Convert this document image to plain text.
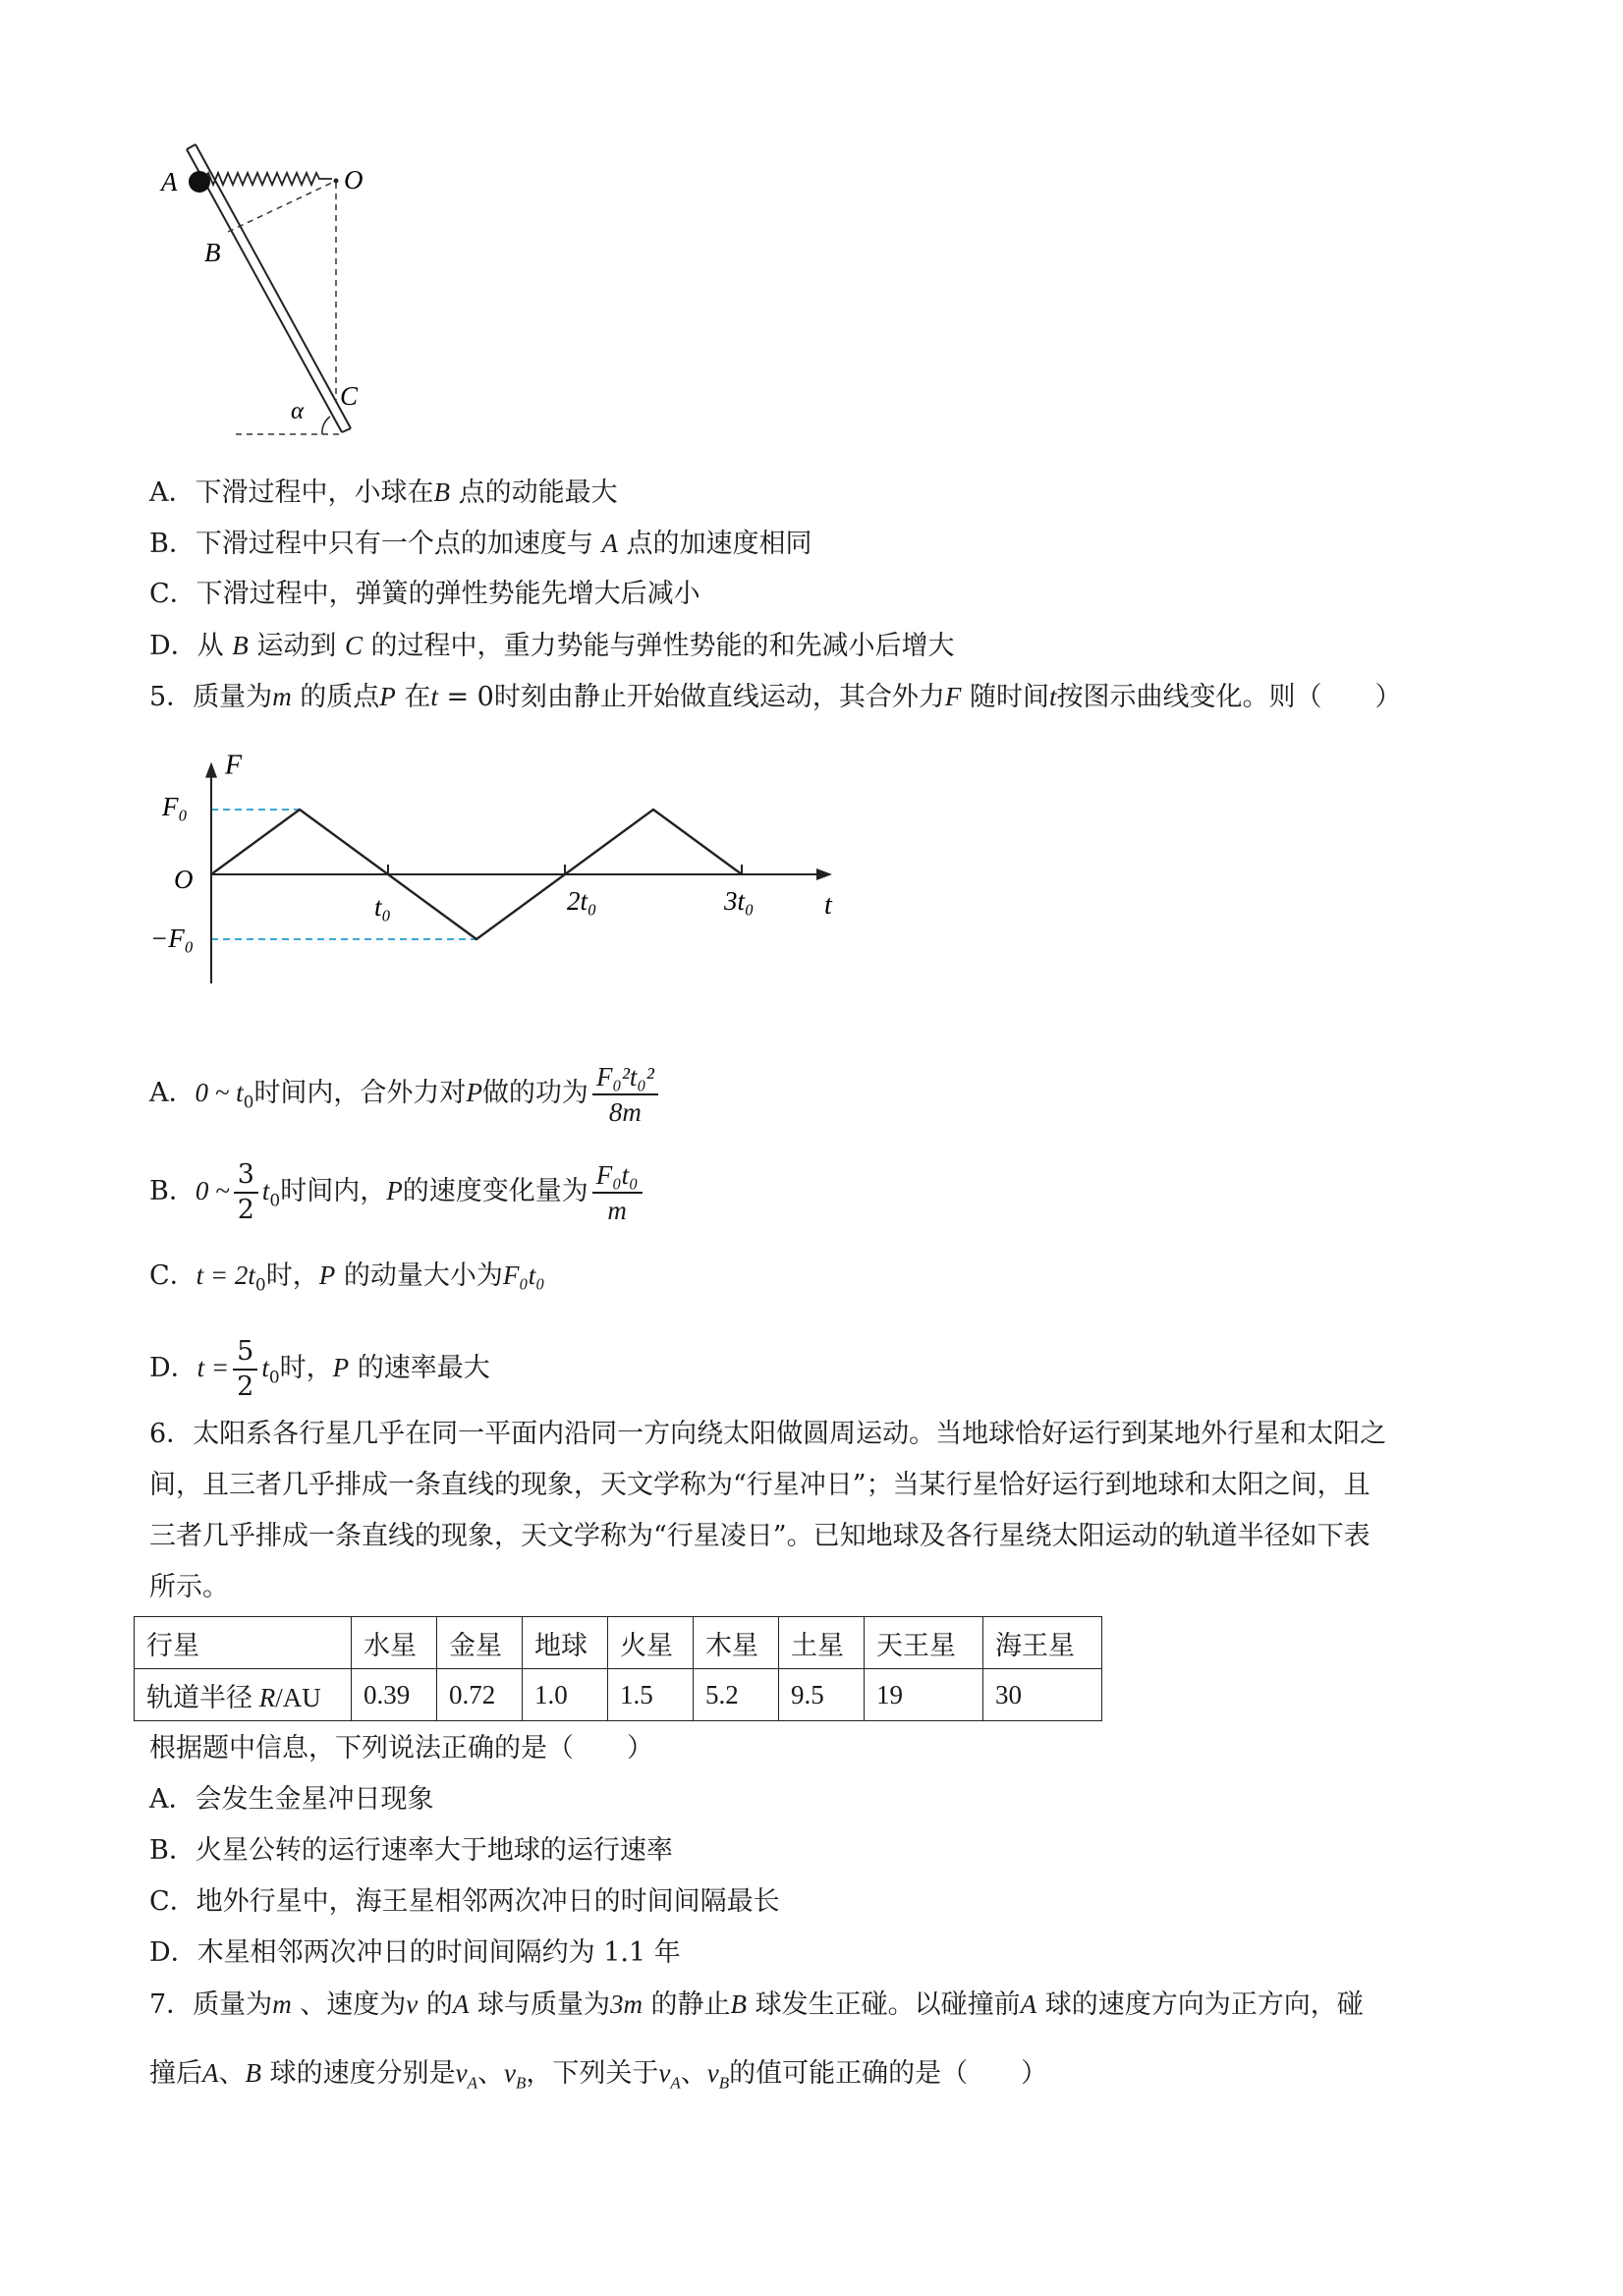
A	O
B
C
α
A．下滑过程中，小球在B 点的动能最大
B．下滑过程中只有一个点的加速度与 A 点的加速度相同
C．下滑过程中，弹簧的弹性势能先增大后减小
D．从 B 运动到 C 的过程中，重力势能与弹性势能的和先减小后增大
5．质量为m 的质点P 在t = 0时刻由静止开始做直线运动，其合外力F 随时间t按图示曲线变化。则（　　）
F
t
O
t₀	2t₀	3t₀
F₀
−F₀
A．0 ~ $t_0$时间内，合外力对P做的功为 $\frac{\text{F₀²t₀²}}{8m}$
B．0 ~ $\frac{3}{2} t_0$时间内，P的速度变化量为 $\frac{\text{F₀t₀}}{m}$
C．$t = 2t_0$时，P 的动量大小为F₀t₀
D．$t = \frac{5}{2} t_0$时，P 的速率最大
6．太阳系各行星几乎在同一平面内沿同一方向绕太阳做圆周运动。当地球恰好运行到某地外行星和太阳之
间，且三者几乎排成一条直线的现象，天文学称为“行星冲日”；当某行星恰好运行到地球和太阳之间，且
三者几乎排成一条直线的现象，天文学称为“行星凌日”。已知地球及各行星绕太阳运动的轨道半径如下表
所示。
行星	水星	金星	地球	火星	木星	土星	天王星	海王星
轨道半径 R/AU	0.39	0.72	1.0	1.5	5.2	9.5	19	30
根据题中信息，下列说法正确的是（　　）
A．会发生金星冲日现象
B．火星公转的运行速率大于地球的运行速率
C．地外行星中，海王星相邻两次冲日的时间间隔最长
D．木星相邻两次冲日的时间间隔约为 1.1 年
7．质量为m 、速度为v 的A 球与质量为3m 的静止B 球发生正碰。以碰撞前A 球的速度方向为正方向，碰
撞后A、B 球的速度分别是$v_A$、$v_B$，下列关于$v_A$、$v_B$的值可能正确的是（　　）
